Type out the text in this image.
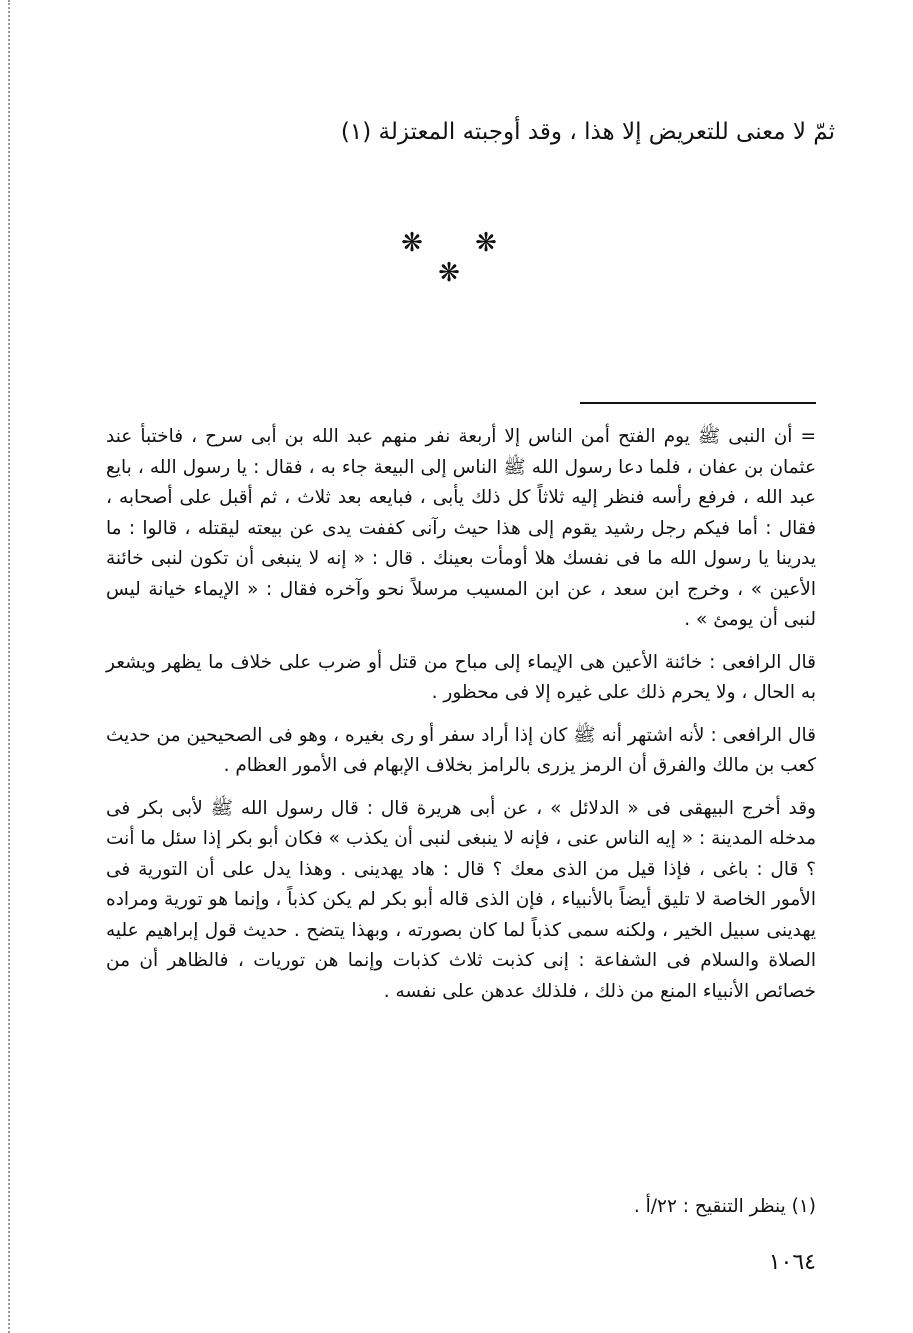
ثمّ لا معنى للتعريض إلا هذا ، وقد أوجبته المعتزلة (١)
❋ ❋ ❋

= أن النبى ﷺ يوم الفتح أمن الناس إلا أربعة نفر منهم عبد الله بن أبى سرح ، فاختبأ عند عثمان بن عفان ، فلما دعا رسول الله ﷺ الناس إلى البيعة جاء به ، فقال : يا رسول الله ، بايع عبد الله ، فرفع رأسه فنظر إليه ثلاثاً كل ذلك يأبى ، فبايعه بعد ثلاث ، ثم أقبل على أصحابه ، فقال : أما فيكم رجل رشيد يقوم إلى هذا حيث رآنى كففت يدى عن بيعته ليقتله ، قالوا : ما يدرينا يا رسول الله ما فى نفسك هلا أومأت بعينك . قال : « إنه لا ينبغى أن تكون لنبى خائنة الأعين » ، وخرج ابن سعد ، عن ابن المسيب مرسلاً نحو وآخره فقال : « الإيماء خيانة ليس لنبى أن يومئ » .

قال الرافعى : خائنة الأعين هى الإيماء إلى مباح من قتل أو ضرب على خلاف ما يظهر ويشعر به الحال ، ولا يحرم ذلك على غيره إلا فى محظور .

قال الرافعى : لأنه اشتهر أنه ﷺ كان إذا أراد سفر أو رى بغيره ، وهو فى الصحيحين من حديث كعب بن مالك والفرق أن الرمز يزرى بالرامز بخلاف الإبهام فى الأمور العظام .

وقد أخرج البيهقى فى « الدلائل » ، عن أبى هريرة قال : قال رسول الله ﷺ لأبى بكر فى مدخله المدينة : « إيه الناس عنى ، فإنه لا ينبغى لنبى أن يكذب » فكان أبو بكر إذا سئل ما أنت ؟ قال : باغى ، فإذا قيل من الذى معك ؟ قال : هاد يهدينى . وهذا يدل على أن التورية فى الأمور الخاصة لا تليق أيضاً بالأنبياء ، فإن الذى قاله أبو بكر لم يكن كذباً ، وإنما هو تورية ومراده يهدينى سبيل الخير ، ولكنه سمى كذباً لما كان بصورته ، وبهذا يتضح . حديث قول إبراهيم عليه الصلاة والسلام فى الشفاعة : إنى كذبت ثلاث كذبات وإنما هن توريات ، فالظاهر أن من خصائص الأنبياء المنع من ذلك ، فلذلك عدهن على نفسه .

(١) ينظر التنقيح : ٢٢/أ .
١٠٦٤
